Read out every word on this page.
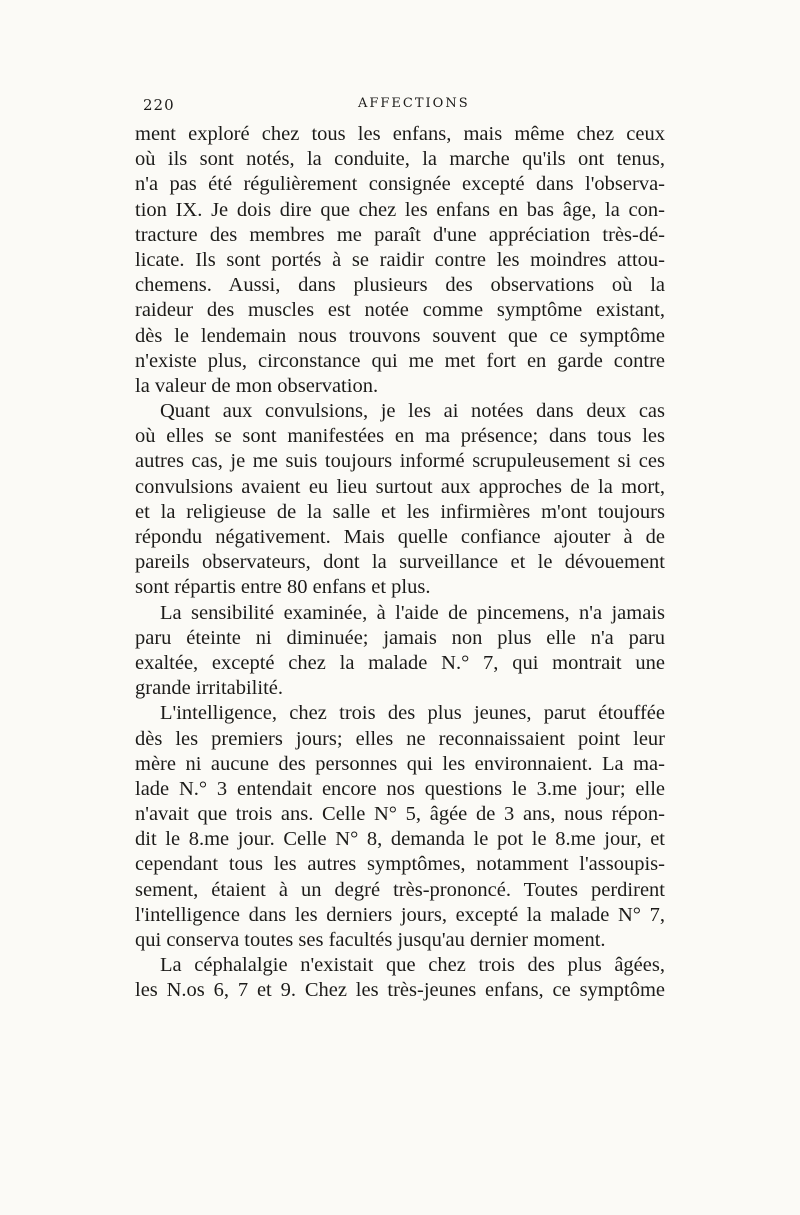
220	AFFECTIONS
ment exploré chez tous les enfans, mais même chez ceux
où ils sont notés, la conduite, la marche qu'ils ont tenus,
n'a pas été régulièrement consignée excepté dans l'observa-
tion IX. Je dois dire que chez les enfans en bas âge, la con-
tracture des membres me paraît d'une appréciation très-dé-
licate. Ils sont portés à se raidir contre les moindres attou-
chemens. Aussi, dans plusieurs des observations où la
raideur des muscles est notée comme symptôme existant,
dès le lendemain nous trouvons souvent que ce symptôme
n'existe plus, circonstance qui me met fort en garde contre
la valeur de mon observation.
Quant aux convulsions, je les ai notées dans deux cas
où elles se sont manifestées en ma présence; dans tous les
autres cas, je me suis toujours informé scrupuleusement si ces
convulsions avaient eu lieu surtout aux approches de la mort,
et la religieuse de la salle et les infirmières m'ont toujours
répondu négativement. Mais quelle confiance ajouter à de
pareils observateurs, dont la surveillance et le dévouement
sont répartis entre 80 enfans et plus.
La sensibilité examinée, à l'aide de pincemens, n'a jamais
paru éteinte ni diminuée; jamais non plus elle n'a paru
exaltée, excepté chez la malade N.° 7, qui montrait une
grande irritabilité.
L'intelligence, chez trois des plus jeunes, parut étouffée
dès les premiers jours; elles ne reconnaissaient point leur
mère ni aucune des personnes qui les environnaient. La ma-
lade N.° 3 entendait encore nos questions le 3.me jour; elle
n'avait que trois ans. Celle N° 5, âgée de 3 ans, nous répon-
dit le 8.me jour. Celle N° 8, demanda le pot le 8.me jour, et
cependant tous les autres symptômes, notamment l'assoupis-
sement, étaient à un degré très-prononcé. Toutes perdirent
l'intelligence dans les derniers jours, excepté la malade N° 7,
qui conserva toutes ses facultés jusqu'au dernier moment.
La céphalalgie n'existait que chez trois des plus âgées,
les N.os 6, 7 et 9. Chez les très-jeunes enfans, ce symptôme
